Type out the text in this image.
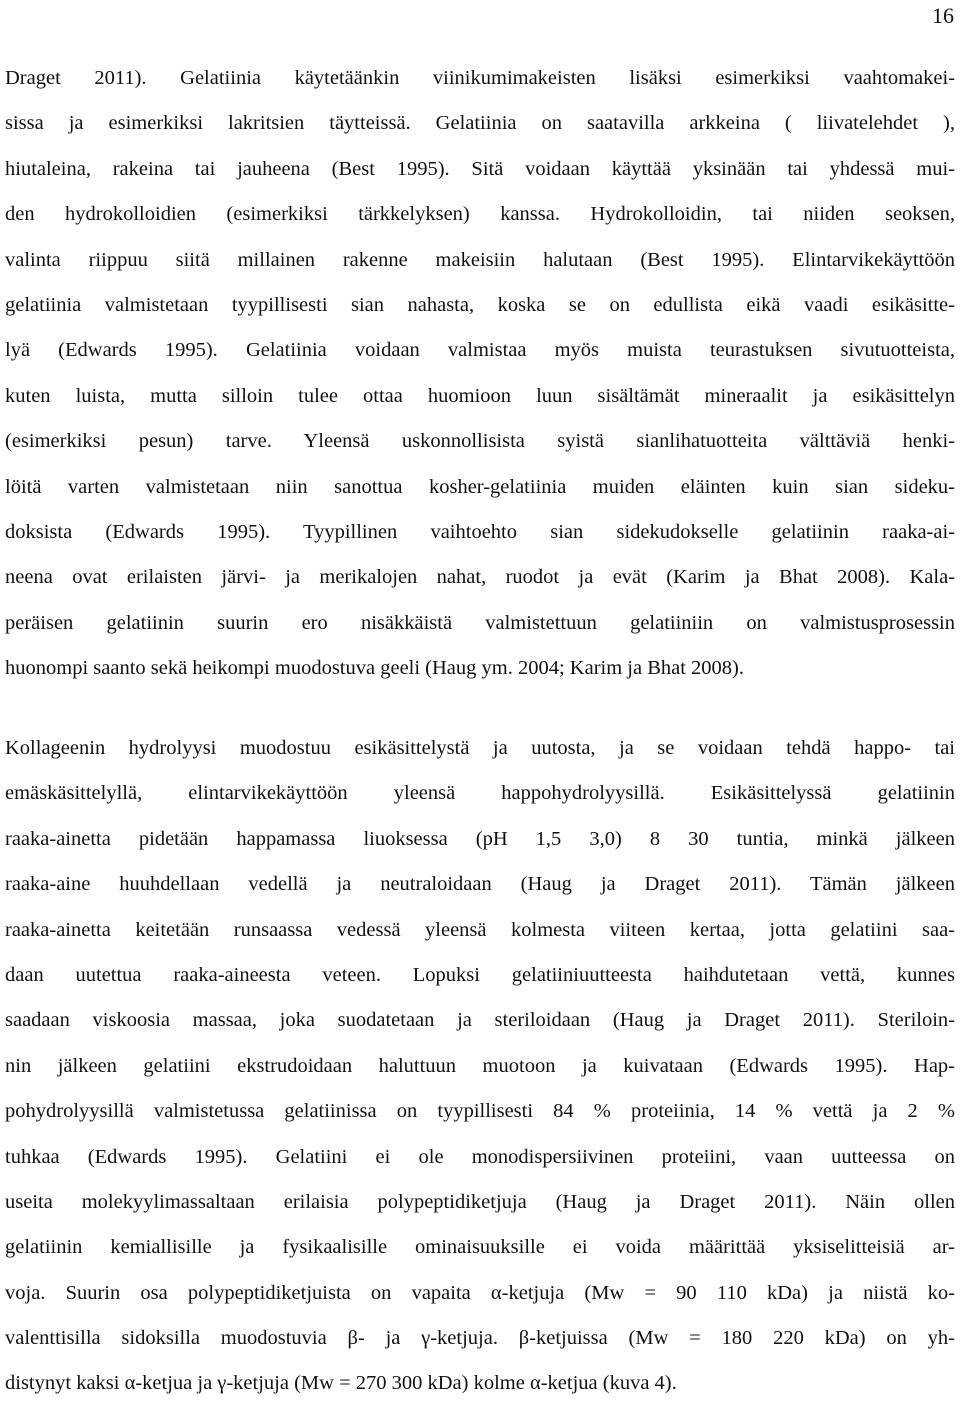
16
Draget 2011). Gelatiinia käytetäänkin viinikumimakeisten lisäksi esimerkiksi vaahtomakei-
sissa ja esimerkiksi lakritsien täytteissä. Gelatiinia on saatavilla arkkeina ( liivatelehdet ),
hiutaleina, rakeina tai jauheena (Best 1995). Sitä voidaan käyttää yksinään tai yhdessä mui-
den hydrokolloidien (esimerkiksi tärkkelyksen) kanssa. Hydrokolloidin, tai niiden seoksen,
valinta riippuu siitä millainen rakenne makeisiin halutaan (Best 1995). Elintarvikekäyttöön
gelatiinia valmistetaan tyypillisesti sian nahasta, koska se on edullista eikä vaadi esikäsitte-
lyä (Edwards 1995). Gelatiinia voidaan valmistaa myös muista teurastuksen sivutuotteista,
kuten luista, mutta silloin tulee ottaa huomioon luun sisältämät mineraalit ja esikäsittelyn
(esimerkiksi pesun) tarve. Yleensä uskonnollisista syistä sianlihatuotteita välttäviä henki-
löitä varten valmistetaan niin sanottua kosher-gelatiinia muiden eläinten kuin sian sideku-
doksista (Edwards 1995). Tyypillinen vaihtoehto sian sidekudokselle gelatiinin raaka-ai-
neena ovat erilaisten järvi- ja merikalojen nahat, ruodot ja evät (Karim ja Bhat 2008). Kala-
peräisen gelatiinin suurin ero nisäkkäistä valmistettuun gelatiiniin on valmistusprosessin
huonompi saanto sekä heikompi muodostuva geeli (Haug ym. 2004; Karim ja Bhat 2008).
Kollageenin hydrolyysi muodostuu esikäsittelystä ja uutosta, ja se voidaan tehdä happo- tai
emäskäsittelyllä, elintarvikekäyttöön yleensä happohydrolyysillä. Esikäsittelyssä gelatiinin
raaka-ainetta pidetään happamassa liuoksessa (pH 1,5 3,0) 8 30 tuntia, minkä jälkeen
raaka-aine huuhdellaan vedellä ja neutraloidaan (Haug ja Draget 2011). Tämän jälkeen
raaka-ainetta keitetään runsaassa vedessä yleensä kolmesta viiteen kertaa, jotta gelatiini saa-
daan uutettua raaka-aineesta veteen. Lopuksi gelatiiniuutteesta haihdutetaan vettä, kunnes
saadaan viskoosia massaa, joka suodatetaan ja steriloidaan (Haug ja Draget 2011). Steriloin-
nin jälkeen gelatiini ekstrudoidaan haluttuun muotoon ja kuivataan (Edwards 1995). Hap-
pohydrolyysillä valmistetussa gelatiinissa on tyypillisesti 84 % proteiinia, 14 % vettä ja 2 %
tuhkaa (Edwards 1995). Gelatiini ei ole monodispersiivinen proteiini, vaan uutteessa on
useita molekyylimassaltaan erilaisia polypeptidiketjuja (Haug ja Draget 2011). Näin ollen
gelatiinin kemiallisille ja fysikaalisille ominaisuuksille ei voida määrittää yksiselitteisiä ar-
voja. Suurin osa polypeptidiketjuista on vapaita α-ketjuja (Mw = 90 110 kDa) ja niistä ko-
valenttisilla sidoksilla muodostuvia β- ja γ-ketjuja. β-ketjuissa (Mw = 180 220 kDa) on yh-
distynyt kaksi α-ketjua ja γ-ketjuja (Mw = 270 300 kDa) kolme α-ketjua (kuva 4).
